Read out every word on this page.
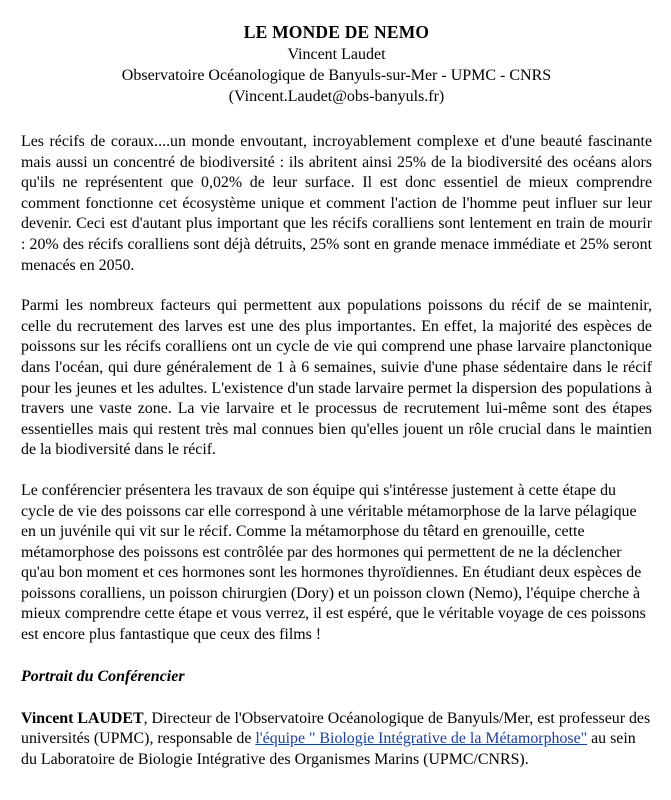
LE MONDE DE NEMO
Vincent Laudet
Observatoire Océanologique de Banyuls-sur-Mer - UPMC - CNRS
(Vincent.Laudet@obs-banyuls.fr)

Les récifs de coraux....un monde envoutant, incroyablement complexe et d'une beauté fascinante mais aussi un concentré de biodiversité : ils abritent ainsi 25% de la biodiversité des océans alors qu'ils ne représentent que 0,02% de leur surface. Il est donc essentiel de mieux comprendre comment fonctionne cet écosystème unique et comment l'action de l'homme peut influer sur leur devenir. Ceci est d'autant plus important que les récifs coralliens sont lentement en train de mourir : 20% des récifs coralliens sont déjà détruits, 25% sont en grande menace immédiate et 25% seront menacés en 2050.

Parmi les nombreux facteurs qui permettent aux populations poissons du récif de se maintenir, celle du recrutement des larves est une des plus importantes. En effet, la majorité des espèces de poissons sur les récifs coralliens ont un cycle de vie qui comprend une phase larvaire planctonique dans l'océan, qui dure généralement de 1 à 6 semaines, suivie d'une phase sédentaire dans le récif pour les jeunes et les adultes. L'existence d'un stade larvaire permet la dispersion des populations à travers une vaste zone. La vie larvaire et le processus de recrutement lui-même sont des étapes essentielles mais qui restent très mal connues bien qu'elles jouent un rôle crucial dans le maintien de la biodiversité dans le récif.

Le conférencier présentera les travaux de son équipe qui s'intéresse justement à cette étape du cycle de vie des poissons car elle correspond à une véritable métamorphose de la larve pélagique en un juvénile qui vit sur le récif. Comme la métamorphose du têtard en grenouille, cette métamorphose des poissons est contrôlée par des hormones qui permettent de ne la déclencher qu'au bon moment et ces hormones sont les hormones thyroïdiennes. En étudiant deux espèces de poissons coralliens, un poisson chirurgien (Dory) et un poisson clown (Nemo), l'équipe cherche à mieux comprendre cette étape et vous verrez, il est espéré, que le véritable voyage de ces poissons est encore plus fantastique que ceux des films !

Portrait du Conférencier

Vincent LAUDET, Directeur de l'Observatoire Océanologique de Banyuls/Mer, est professeur des universités (UPMC), responsable de l'équipe " Biologie Intégrative de la Métamorphose" au sein du Laboratoire de Biologie Intégrative des Organismes Marins (UPMC/CNRS).
